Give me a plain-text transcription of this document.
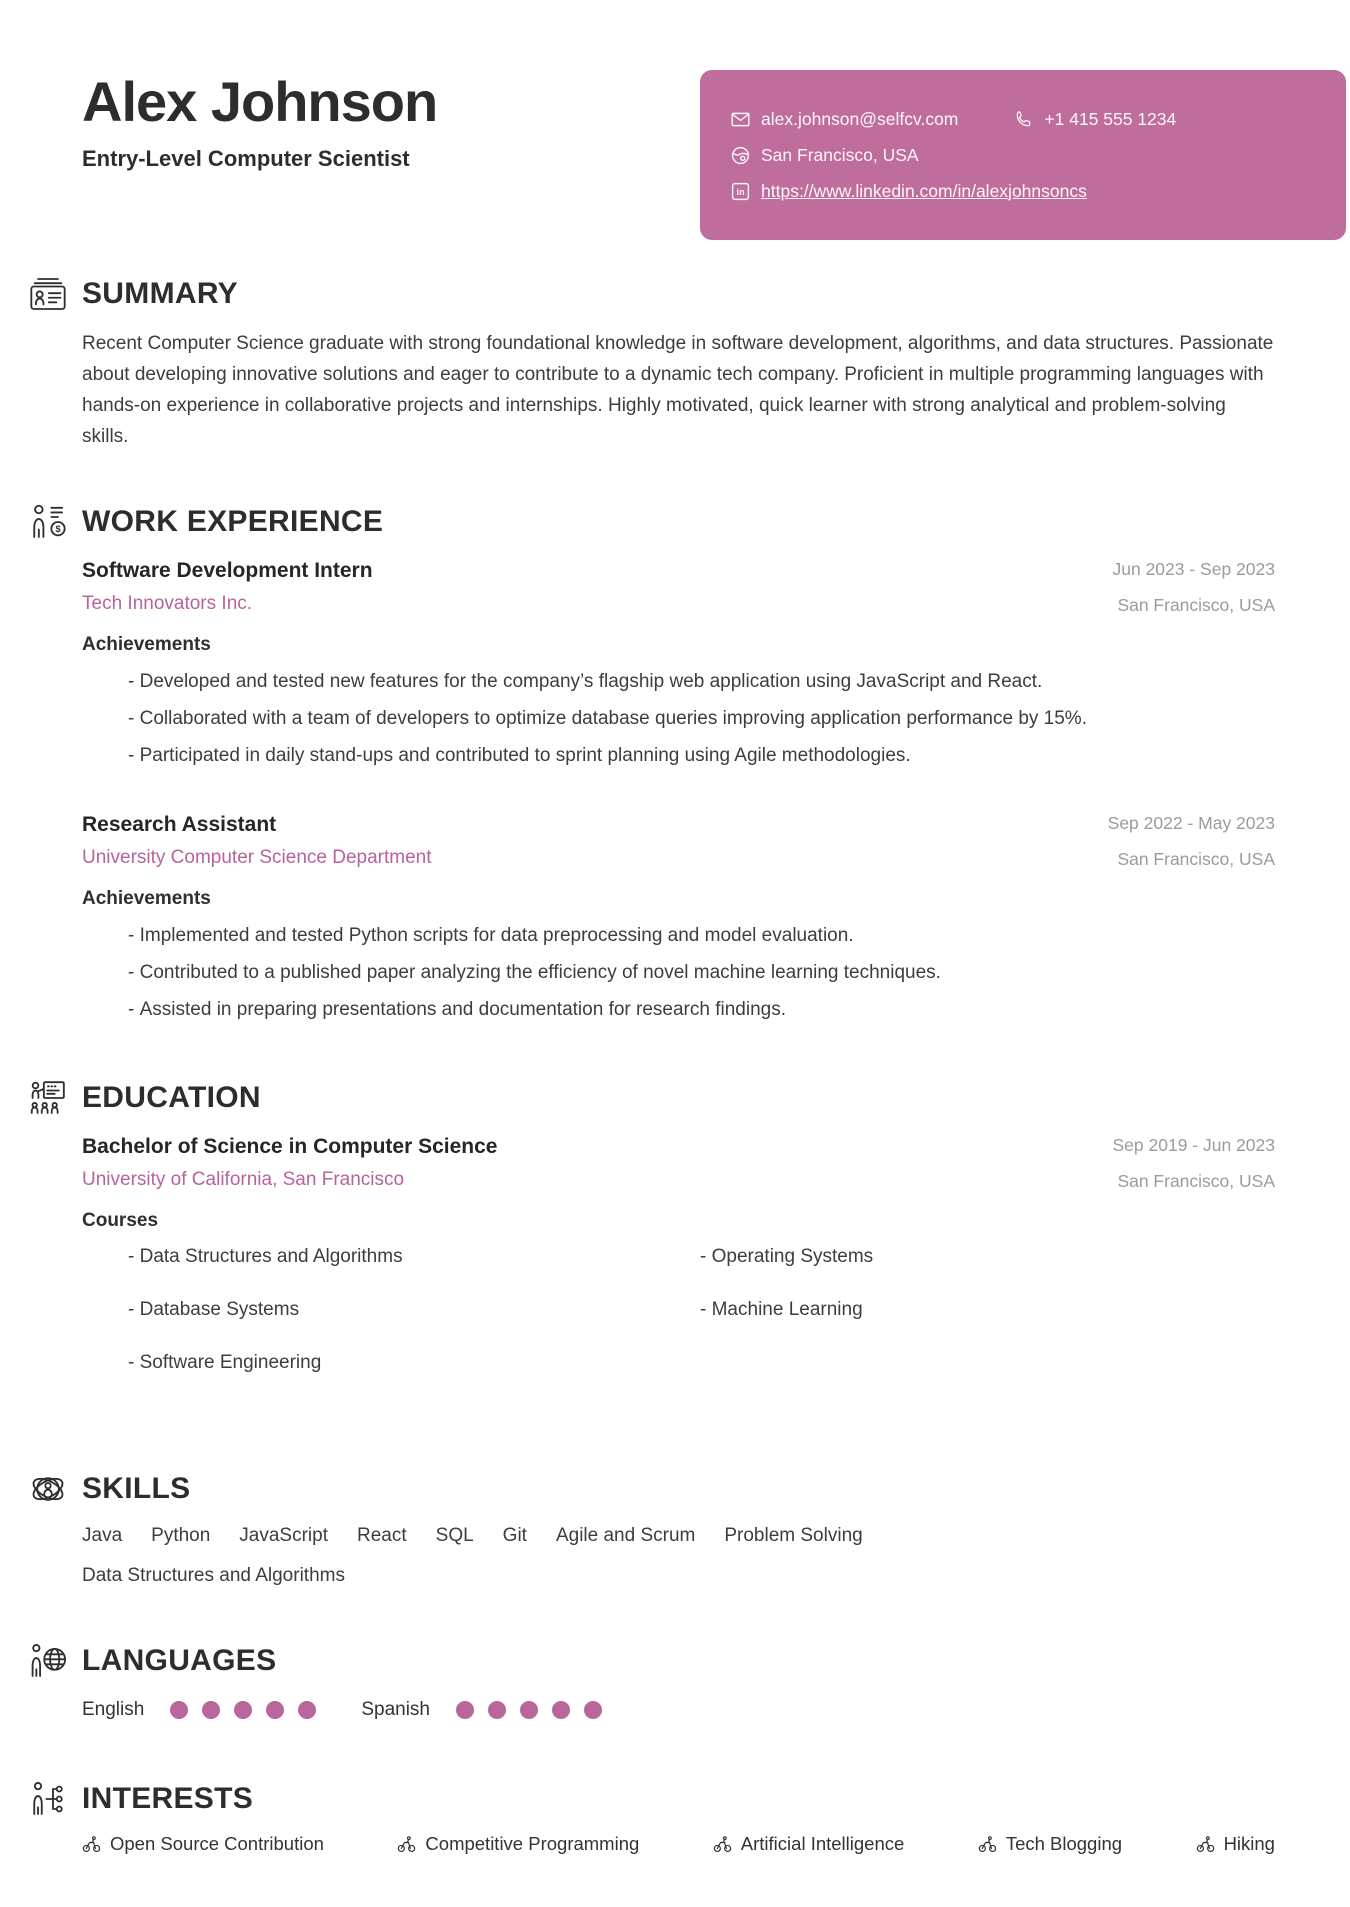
Alex Johnson
Entry-Level Computer Scientist
alex.johnson@selfcv.com	+1 415 555 1234
San Francisco, USA
in https://www.linkedin.com/in/alexjohnsoncs
SUMMARY

Recent Computer Science graduate with strong foundational knowledge in software development, algorithms, and data structures. Passionate about developing innovative solutions and eager to contribute to a dynamic tech company. Proficient in multiple programming languages with hands-on experience in collaborative projects and internships. Highly motivated, quick learner with strong analytical and problem-solving skills.

$ WORK EXPERIENCE
Software Development Intern
Tech Innovators Inc.
Jun 2023 - Sep 2023
San Francisco, USA
Achievements
- Developed and tested new features for the company’s flagship web application using JavaScript and React.
- Collaborated with a team of developers to optimize database queries improving application performance by 15%.
- Participated in daily stand-ups and contributed to sprint planning using Agile methodologies.
Research Assistant
University Computer Science Department
Sep 2022 - May 2023
San Francisco, USA
Achievements
- Implemented and tested Python scripts for data preprocessing and model evaluation.
- Contributed to a published paper analyzing the efficiency of novel machine learning techniques.
- Assisted in preparing presentations and documentation for research findings.
EDUCATION
Bachelor of Science in Computer Science
University of California, San Francisco
Sep 2019 - Jun 2023
San Francisco, USA
Courses
- Data Structures and Algorithms
- Database Systems
- Software Engineering
- Operating Systems
- Machine Learning
SKILLS
Java Python JavaScript React SQL Git Agile and Scrum Problem Solving
Data Structures and Algorithms
LANGUAGES
English	Spanish
INTERESTS
Open Source Contribution	Competitive Programming	Artificial Intelligence	Tech Blogging	Hiking
